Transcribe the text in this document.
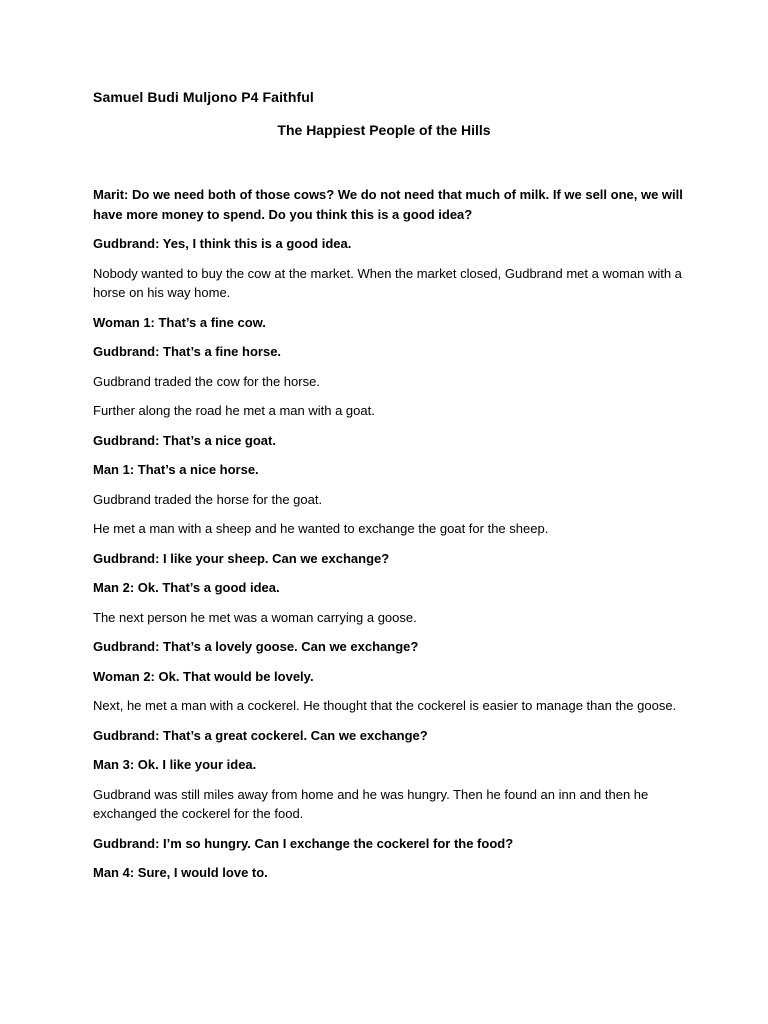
Samuel Budi Muljono P4 Faithful
The Happiest People of the Hills

Marit: Do we need both of those cows? We do not need that much of milk. If we sell one, we will have more money to spend. Do you think this is a good idea?

Gudbrand: Yes, I think this is a good idea.

Nobody wanted to buy the cow at the market. When the market closed, Gudbrand met a woman with a horse on his way home.

Woman 1: That’s a fine cow.

Gudbrand: That’s a fine horse.

Gudbrand traded the cow for the horse.

Further along the road he met a man with a goat.

Gudbrand: That’s a nice goat.

Man 1: That’s a nice horse.

Gudbrand traded the horse for the goat.

He met a man with a sheep and he wanted to exchange the goat for the sheep.

Gudbrand: I like your sheep. Can we exchange?

Man 2: Ok. That’s a good idea.

The next person he met was a woman carrying a goose.

Gudbrand: That’s a lovely goose. Can we exchange?

Woman 2: Ok. That would be lovely.

Next, he met a man with a cockerel. He thought that the cockerel is easier to manage than the goose.

Gudbrand: That’s a great cockerel. Can we exchange?

Man 3: Ok. I like your idea.

Gudbrand was still miles away from home and he was hungry. Then he found an inn and then he exchanged the cockerel for the food.

Gudbrand: I’m so hungry. Can I exchange the cockerel for the food?

Man 4: Sure, I would love to.
